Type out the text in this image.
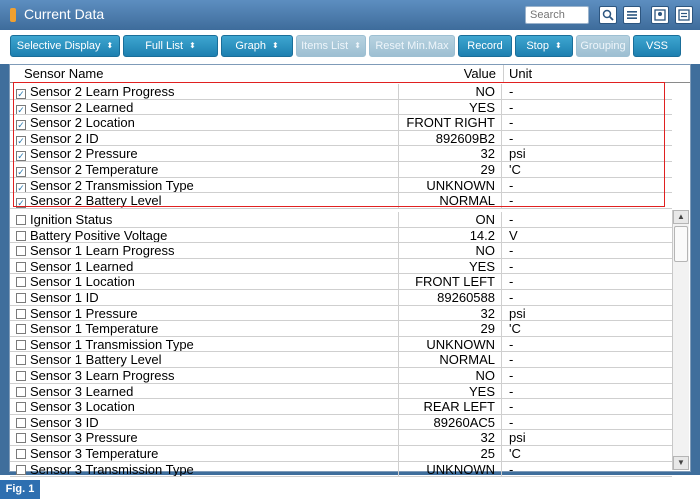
Current Data
Search
Selective Display ⬍	Full List ⬍	Graph ⬍ Items List ⬍ Reset Min.Max Record Stop ⬍ Grouping VSS
Sensor Name	Value	Unit
✓ Sensor 2 Learn Progress	NO	-
✓ Sensor 2 Learned	YES	-
✓ Sensor 2 Location	FRONT RIGHT	-
✓ Sensor 2 ID	892609B2	-
✓ Sensor 2 Pressure	32	psi
✓ Sensor 2 Temperature	29	'C
✓ Sensor 2 Transmission Type	UNKNOWN	-
✓ Sensor 2 Battery Level	NORMAL	-
Ignition Status	ON	-
Battery Positive Voltage	14.2	V
Sensor 1 Learn Progress	NO	-
Sensor 1 Learned	YES	-
Sensor 1 Location	FRONT LEFT	-
Sensor 1 ID	89260588	-
Sensor 1 Pressure	32	psi
Sensor 1 Temperature	29	'C
Sensor 1 Transmission Type	UNKNOWN	-
Sensor 1 Battery Level	NORMAL	-
Sensor 3 Learn Progress	NO	-
Sensor 3 Learned	YES	-
Sensor 3 Location	REAR LEFT	-
Sensor 3 ID	89260AC5	-
Sensor 3 Pressure	32	psi
Sensor 3 Temperature	25	'C
Sensor 3 Transmission Type	UNKNOWN	-
▲
▼
Fig. 1
